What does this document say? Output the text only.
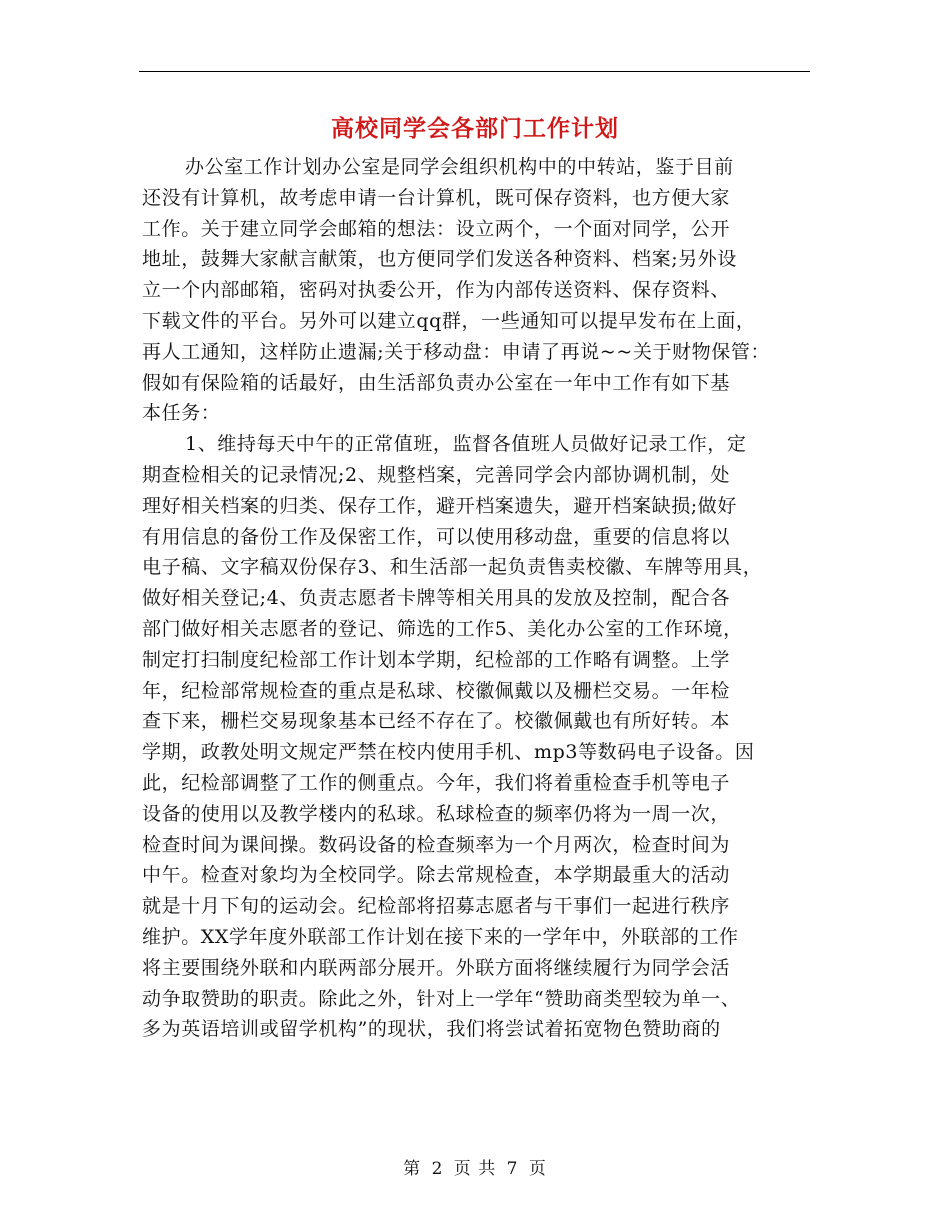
高校同学会各部门工作计划
办公室工作计划办公室是同学会组织机构中的中转站，鉴于目前
还没有计算机，故考虑申请一台计算机，既可保存资料，也方便大家
工作。关于建立同学会邮箱的想法：设立两个，一个面对同学，公开
地址，鼓舞大家献言献策，也方便同学们发送各种资料、档案;另外设
立一个内部邮箱，密码对执委公开，作为内部传送资料、保存资料、
下载文件的平台。另外可以建立qq群，一些通知可以提早发布在上面，
再人工通知，这样防止遗漏;关于移动盘：申请了再说~~关于财物保管：
假如有保险箱的话最好，由生活部负责办公室在一年中工作有如下基
本任务：
1、维持每天中午的正常值班，监督各值班人员做好记录工作，定
期查检相关的记录情况;2、规整档案，完善同学会内部协调机制，处
理好相关档案的归类、保存工作，避开档案遗失，避开档案缺损;做好
有用信息的备份工作及保密工作，可以使用移动盘，重要的信息将以
电子稿、文字稿双份保存3、和生活部一起负责售卖校徽、车牌等用具，
做好相关登记;4、负责志愿者卡牌等相关用具的发放及控制，配合各
部门做好相关志愿者的登记、筛选的工作5、美化办公室的工作环境，
制定打扫制度纪检部工作计划本学期，纪检部的工作略有调整。上学
年，纪检部常规检查的重点是私球、校徽佩戴以及栅栏交易。一年检
查下来，栅栏交易现象基本已经不存在了。校徽佩戴也有所好转。本
学期，政教处明文规定严禁在校内使用手机、mp3等数码电子设备。因
此，纪检部调整了工作的侧重点。今年，我们将着重检查手机等电子
设备的使用以及教学楼内的私球。私球检查的频率仍将为一周一次，
检查时间为课间操。数码设备的检查频率为一个月两次，检查时间为
中午。检查对象均为全校同学。除去常规检查，本学期最重大的活动
就是十月下旬的运动会。纪检部将招募志愿者与干事们一起进行秩序
维护。XX学年度外联部工作计划在接下来的一学年中，外联部的工作
将主要围绕外联和内联两部分展开。外联方面将继续履行为同学会活
动争取赞助的职责。除此之外，针对上一学年“赞助商类型较为单一、
多为英语培训或留学机构”的现状，我们将尝试着拓宽物色赞助商的
第 2 页 共 7 页
